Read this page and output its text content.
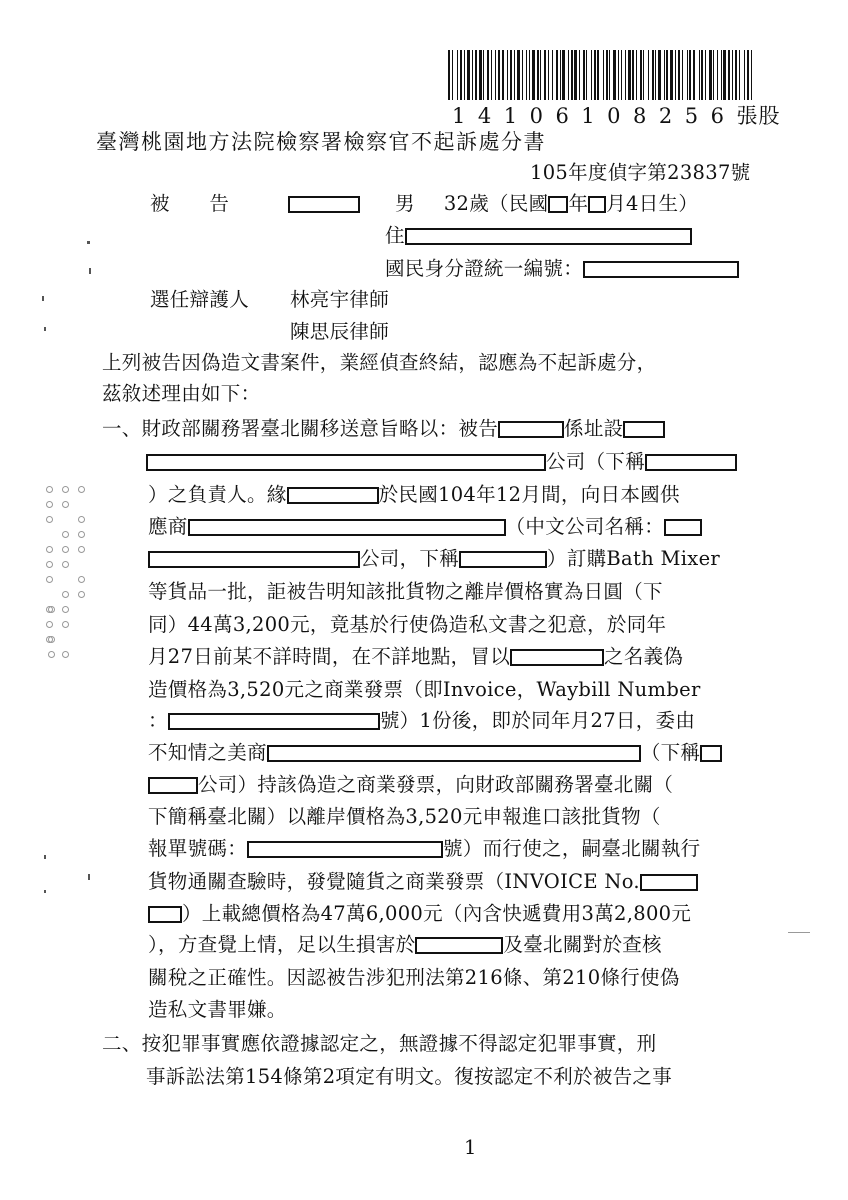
14106108256張股
臺灣桃園地方法院檢察署檢察官不起訴處分書
105年度偵字第23837號
被　　告	男 32歲（民國 年 月4日生）
住
國民身分證統一編號：
選任辯護人 林亮宇律師
陳思辰律師
上列被告因偽造文書案件，業經偵查終結，認應為不起訴處分，
茲敘述理由如下：
一、財政部關務署臺北關移送意旨略以：被告	係址設
公司（下稱
）之負責人。緣	於民國104年12月間，向日本國供
應商	（中文公司名稱：
公司，下稱	）訂購Bath Mixer
等貨品一批，詎被告明知該批貨物之離岸價格實為日圓（下
同）44萬3,200元，竟基於行使偽造私文書之犯意，於同年
月27日前某不詳時間，在不詳地點，冒以	之名義偽
造價格為3,520元之商業發票（即Invoice，Waybill Number
：	號）1份後，即於同年月27日，委由
不知情之美商	（下稱
公司）持該偽造之商業發票，向財政部關務署臺北關（
下簡稱臺北關）以離岸價格為3,520元申報進口該批貨物（
報單號碼：	號）而行使之，嗣臺北關執行
貨物通關查驗時，發覺隨貨之商業發票（INVOICE No.
）上載總價格為47萬6,000元（內含快遞費用3萬2,800元
），方查覺上情，足以生損害於	及臺北關對於查核
關稅之正確性。因認被告涉犯刑法第216條、第210條行使偽
造私文書罪嫌。
二、按犯罪事實應依證據認定之，無證據不得認定犯罪事實，刑
事訴訟法第154條第2項定有明文。復按認定不利於被告之事
1
